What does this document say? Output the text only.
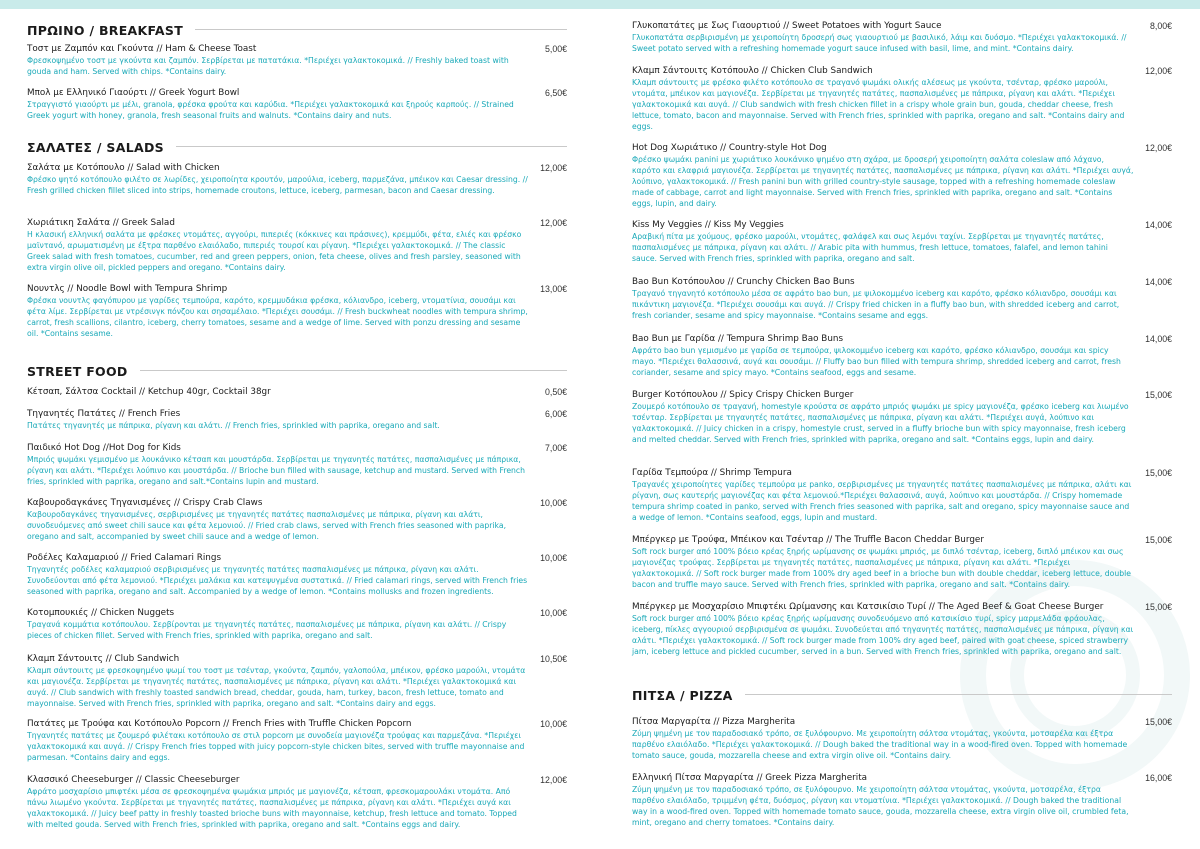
ΠΡΩΙΝΟ / BREAKFAST
Τοστ με Ζαμπόν και Γκούντα // Ham & Cheese Toast	5,00€
Φρεσκοψημένο τοστ με γκούντα και ζαμπόν. Σερβίρεται με πατατάκια. *Περιέχει γαλακτοκομικά. // Freshly baked toast with gouda and ham. Served with chips. *Contains dairy.
Μπολ με Ελληνικό Γιαούρτι // Greek Yogurt Bowl	6,50€
Στραγγιστό γιαούρτι με μέλι, granola, φρέσκα φρούτα και καρύδια. *Περιέχει γαλακτοκομικά και ξηρούς καρπούς. // Strained Greek yogurt with honey, granola, fresh seasonal fruits and walnuts. *Contains dairy and nuts.
ΣΑΛΑΤΕΣ / SALADS
Σαλάτα με Κοτόπουλο // Salad with Chicken	12,00€
Φρέσκο ψητό κοτόπουλο φιλέτο σε λωρίδες, χειροποίητα κρουτόν, μαρούλια, iceberg, παρμεζάνα, μπέικον και Caesar dressing. // Fresh grilled chicken fillet sliced into strips, homemade croutons, lettuce, iceberg, parmesan, bacon and Caesar dressing.
Χωριάτικη Σαλάτα // Greek Salad	12,00€
Η κλασική ελληνική σαλάτα με φρέσκες ντομάτες, αγγούρι, πιπεριές (κόκκινες και πράσινες), κρεμμύδι, φέτα, ελιές και φρέσκο μαϊντανό, αρωματισμένη με έξτρα παρθένο ελαιόλαδο, πιπεριές τουρσί και ρίγανη. *Περιέχει γαλακτοκομικά. // The classic Greek salad with fresh tomatoes, cucumber, red and green peppers, onion, feta cheese, olives and fresh parsley, seasoned with extra virgin olive oil, pickled peppers and oregano. *Contains dairy.
Νουντλς // Noodle Bowl with Tempura Shrimp	13,00€
Φρέσκα νουντλς φαγόπυρου με γαρίδες τεμπούρα, καρότο, κρεμμυδάκια φρέσκα, κόλιανδρο, iceberg, ντοματίνια, σουσάμι και φέτα λίμε. Σερβίρεται με ντρέσινγκ πόνζου και σησαμέλαιο. *Περιέχει σουσάμι. // Fresh buckwheat noodles with tempura shrimp, carrot, fresh scallions, cilantro, iceberg, cherry tomatoes, sesame and a wedge of lime. Served with ponzu dressing and sesame oil. *Contains sesame.
STREET FOOD
Κέτσαπ, Σάλτσα Cocktail // Ketchup 40gr, Cocktail 38gr	0,50€
Τηγανητές Πατάτες // French Fries	6,00€
Πατάτες τηγανητές με πάπρικα, ρίγανη και αλάτι. // French fries, sprinkled with paprika, oregano and salt.
Παιδικό Hot Dog //Hot Dog for Kids	7,00€
Μπριός ψωμάκι γεμισμένο με λουκάνικο κέτσαπ και μουστάρδα. Σερβίρεται με τηγανητές πατάτες, πασπαλισμένες με πάπρικα, ρίγανη και αλάτι. *Περιέχει λούπινο και μουστάρδα. // Brioche bun filled with sausage, ketchup and mustard. Served with French fries, sprinkled with paprika, oregano and salt.*Contains lupin and mustard.
Καβουροδαγκάνες Τηγανισμένες // Crispy Crab Claws	10,00€
Καβουροδαγκάνες τηγανισμένες, σερβιρισμένες με τηγανητές πατάτες πασπαλισμένες με πάπρικα, ρίγανη και αλάτι, συνοδευόμενες από sweet chili sauce και φέτα λεμονιού. // Fried crab claws, served with French fries seasoned with paprika, oregano and salt, accompanied by sweet chili sauce and a wedge of lemon.
Ροδέλες Καλαμαριού // Fried Calamari Rings	10,00€
Τηγανητές ροδέλες καλαμαριού σερβιρισμένες με τηγανητές πατάτες πασπαλισμένες με πάπρικα, ρίγανη και αλάτι. Συνοδεύονται από φέτα λεμονιού. *Περιέχει μαλάκια και κατεψυγμένα συστατικά. // Fried calamari rings, served with French fries seasoned with paprika, oregano and salt. Accompanied by a wedge of lemon. *Contains mollusks and frozen ingredients.
Κοτομπουκιές // Chicken Nuggets	10,00€
Τραγανά κομμάτια κοτόπουλου. Σερβίρονται με τηγανητές πατάτες, πασπαλισμένες με πάπρικα, ρίγανη και αλάτι. // Crispy pieces of chicken fillet. Served with French fries, sprinkled with paprika, oregano and salt.
Κλαμπ Σάντουιτς // Club Sandwich	10,50€
Κλαμπ σάντουιτς με φρεσκοψημένο ψωμί του τοστ με τσένταρ, γκούντα, ζαμπόν, γαλοπούλα, μπέικον, φρέσκο μαρούλι, ντομάτα και μαγιονέζα. Σερβίρεται με τηγανητές πατάτες, πασπαλισμένες με πάπρικα, ρίγανη και αλάτι. *Περιέχει γαλακτοκομικά και αυγά. // Club sandwich with freshly toasted sandwich bread, cheddar, gouda, ham, turkey, bacon, fresh lettuce, tomato and mayonnaise. Served with French fries, sprinkled with paprika, oregano and salt. *Contains dairy and eggs.
Πατάτες με Τρούφα και Κοτόπουλο Popcorn // French Fries with Truffle Chicken Popcorn	10,00€
Τηγανητές πατάτες με ζουμερό φιλέτακι κοτόπουλο σε στιλ popcorn με συνοδεία μαγιονέζα τρούφας και παρμεζάνα. *Περιέχει γαλακτοκομικά και αυγά. // Crispy French fries topped with juicy popcorn-style chicken bites, served with truffle mayonnaise and parmesan. *Contains dairy and eggs.
Κλασσικό Cheeseburger // Classic Cheeseburger	12,00€
Αφράτο μοσχαρίσιο μπιφτέκι μέσα σε φρεσκοψημένα ψωμάκια μπριός με μαγιονέζα, κέτσαπ, φρεσκομαρουλάκι ντομάτα. Από πάνω λιωμένο γκούντα. Σερβίρεται με τηγανητές πατάτες, πασπαλισμένες με πάπρικα, ρίγανη και αλάτι. *Περιέχει αυγά και γαλακτοκομικά. // Juicy beef patty in freshly toasted brioche buns with mayonnaise, ketchup, fresh lettuce and tomato. Topped with melted gouda. Served with French fries, sprinkled with paprika, oregano and salt. *Contains eggs and dairy.
Γλυκοπατάτες με Σως Γιαουρτιού // Sweet Potatoes with Yogurt Sauce	8,00€
Γλυκοπατάτα σερβιρισμένη με χειροποίητη δροσερή σως γιαουρτιού με βασιλικό, λάιμ και δυόσμο. *Περιέχει γαλακτοκομικά. // Sweet potato served with a refreshing homemade yogurt sauce infused with basil, lime, and mint. *Contains dairy.
Κλαμπ Σάντουιτς Κοτόπουλο // Chicken Club Sandwich	12,00€
Κλαμπ σάντουιτς με φρέσκο φιλέτο κοτόπουλο σε τραγανό ψωμάκι ολικής αλέσεως με γκούντα, τσένταρ, φρέσκο μαρούλι, ντομάτα, μπέικον και μαγιονέζα. Σερβίρεται με τηγανητές πατάτες, πασπαλισμένες με πάπρικα, ρίγανη και αλάτι. *Περιέχει γαλακτοκομικά και αυγά. // Club sandwich with fresh chicken fillet in a crispy whole grain bun, gouda, cheddar cheese, fresh lettuce, tomato, bacon and mayonnaise. Served with French fries, sprinkled with paprika, oregano and salt. *Contains dairy and eggs.
Hot Dog Χωριάτικο // Country-style Hot Dog	12,00€
Φρέσκο ψωμάκι panini με χωριάτικο λουκάνικο ψημένο στη σχάρα, με δροσερή χειροποίητη σαλάτα coleslaw από λάχανο, καρότο και ελαφριά μαγιονέζα. Σερβίρεται με τηγανητές πατάτες, πασπαλισμένες με πάπρικα, ρίγανη και αλάτι. *Περιέχει αυγά, λούπινο, γαλακτοκομικά. // Fresh panini bun with grilled country-style sausage, topped with a refreshing homemade coleslaw made of cabbage, carrot and light mayonnaise. Served with French fries, sprinkled with paprika, oregano and salt. *Contains eggs, lupin, and dairy.
Kiss My Veggies // Kiss My Veggies	14,00€
Αραβική πίτα με χούμους, φρέσκο μαρούλι, ντομάτες, φαλάφελ και σως λεμόνι ταχίνι. Σερβίρεται με τηγανητές πατάτες, πασπαλισμένες με πάπρικα, ρίγανη και αλάτι. // Arabic pita with hummus, fresh lettuce, tomatoes, falafel, and lemon tahini sauce. Served with French fries, sprinkled with paprika, oregano and salt.
Bao Bun Κοτόπουλου // Crunchy Chicken Bao Buns	14,00€
Τραγανό τηγανητό κοτόπουλο μέσα σε αφράτο bao bun, με ψιλοκομμένο iceberg και καρότο, φρέσκο κόλιανδρο, σουσάμι και πικάντικη μαγιονέζα. *Περιέχει σουσάμι και αυγά. // Crispy fried chicken in a fluffy bao bun, with shredded iceberg and carrot, fresh coriander, sesame and spicy mayonnaise. *Contains sesame and eggs.
Bao Bun με Γαρίδα // Tempura Shrimp Bao Buns	14,00€
Αφράτο bao bun γεμισμένο με γαρίδα σε τεμπούρα, ψιλοκομμένο iceberg και καρότο, φρέσκο κόλιανδρο, σουσάμι και spicy mayo. *Περιέχει θαλασσινά, αυγά και σουσάμι. // Fluffy bao bun filled with tempura shrimp, shredded iceberg and carrot, fresh coriander, sesame and spicy mayo. *Contains seafood, eggs and sesame.
Burger Κοτόπουλου // Spicy Crispy Chicken Burger	15,00€
Ζουμερό κοτόπουλο σε τραγανή, homestyle κρούστα σε αφράτο μπριός ψωμάκι με spicy μαγιονέζα, φρέσκο iceberg και λιωμένο τσένταρ. Σερβίρεται με τηγανητές πατάτες, πασπαλισμένες με πάπρικα, ρίγανη και αλάτι. *Περιέχει αυγά, λούπινο και γαλακτοκομικά. // Juicy chicken in a crispy, homestyle crust, served in a fluffy brioche bun with spicy mayonnaise, fresh iceberg and melted cheddar. Served with French fries, sprinkled with paprika, oregano and salt. *Contains eggs, lupin and dairy.
Γαρίδα Τεμπούρα // Shrimp Tempura	15,00€
Τραγανές χειροποίητες γαρίδες τεμπούρα με panko, σερβιρισμένες με τηγανητές πατάτες πασπαλισμένες με πάπρικα, αλάτι και ρίγανη, σως καυτερής μαγιονέζας και φέτα λεμονιού.*Περιέχει θαλασσινά, αυγά, λούπινο και μουστάρδα. // Crispy homemade tempura shrimp coated in panko, served with French fries seasoned with paprika, salt and oregano, spicy mayonnaise sauce and a wedge of lemon. *Contains seafood, eggs, lupin and mustard.
Μπέργκερ με Τρούφα, Μπέικον και Τσένταρ // The Truffle Bacon Cheddar Burger	15,00€
Soft rock burger από 100% βόειο κρέας ξηρής ωρίμανσης σε ψωμάκι μπριός, με διπλό τσένταρ, iceberg, διπλό μπέικον και σως μαγιονέζας τρούφας. Σερβίρεται με τηγανητές πατάτες, πασπαλισμένες με πάπρικα, ρίγανη και αλάτι. *Περιέχει γαλακτοκομικά. // Soft rock burger made from 100% dry aged beef in a brioche bun with double cheddar, iceberg lettuce, double bacon and truffle mayo sauce. Served with French fries, sprinkled with paprika, oregano and salt. *Contains dairy.
Μπέργκερ με Μοσχαρίσιο Μπιφτέκι Ωρίμανσης και Κατσικίσιο Τυρί // The Aged Beef & Goat Cheese Burger	15,00€
Soft rock burger από 100% βόειο κρέας ξηρής ωρίμανσης συνοδευόμενο από κατσικίσιο τυρί, spicy μαρμελάδα φράουλας, iceberg, πίκλες αγγουριού σερβιρισμένα σε ψωμάκι. Συνοδεύεται από τηγανητές πατάτες, πασπαλισμένες με πάπρικα, ρίγανη και αλάτι. *Περιέχει γαλακτοκομικά. // Soft rock burger made from 100% dry aged beef, paired with goat cheese, spiced strawberry jam, iceberg lettuce and pickled cucumber, served in a bun. Served with French fries, sprinkled with paprika, oregano and salt.
ΠΙΤΣΑ / PIZZA
Πίτσα Μαργαρίτα // Pizza Margherita	15,00€
Ζύμη ψημένη με τον παραδοσιακό τρόπο, σε ξυλόφουρνο. Με χειροποίητη σάλτσα ντομάτας, γκούντα, μοτσαρέλα και έξτρα παρθένο ελαιόλαδο. *Περιέχει γαλακτοκομικά. // Dough baked the traditional way in a wood-fired oven. Topped with homemade tomato sauce, gouda, mozzarella cheese and extra virgin olive oil. *Contains dairy.
Ελληνική Πίτσα Μαργαρίτα // Greek Pizza Margherita	16,00€
Ζύμη ψημένη με τον παραδοσιακό τρόπο, σε ξυλόφουρνο. Με χειροποίητη σάλτσα ντομάτας, γκούντα, μοτσαρέλα, έξτρα παρθένο ελαιόλαδο, τριμμένη φέτα, δυόσμος, ρίγανη και ντοματίνια. *Περιέχει γαλακτοκομικά. // Dough baked the traditional way in a wood-fired oven. Topped with homemade tomato sauce, gouda, mozzarella cheese, extra virgin olive oil, crumbled feta, mint, oregano and cherry tomatoes. *Contains dairy.
